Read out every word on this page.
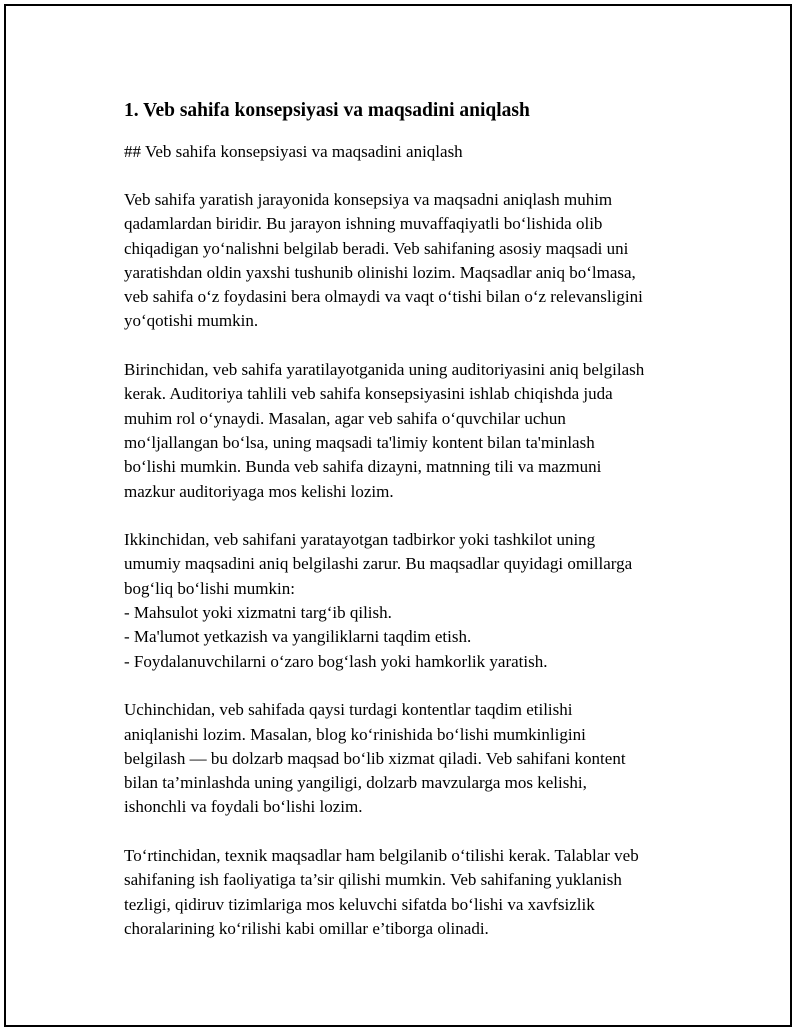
1. Veb sahifa konsepsiyasi va maqsadini aniqlash
## Veb sahifa konsepsiyasi va maqsadini aniqlash
Veb sahifa yaratish jarayonida konsepsiya va maqsadni aniqlash muhim
qadamlardan biridir. Bu jarayon ishning muvaffaqiyatli bo‘lishida olib
chiqadigan yo‘nalishni belgilab beradi. Veb sahifaning asosiy maqsadi uni
yaratishdan oldin yaxshi tushunib olinishi lozim. Maqsadlar aniq bo‘lmasa,
veb sahifa o‘z foydasini bera olmaydi va vaqt o‘tishi bilan o‘z relevansligini
yo‘qotishi mumkin.
Birinchidan, veb sahifa yaratilayotganida uning auditoriyasini aniq belgilash
kerak. Auditoriya tahlili veb sahifa konsepsiyasini ishlab chiqishda juda
muhim rol o‘ynaydi. Masalan, agar veb sahifa o‘quvchilar uchun
mo‘ljallangan bo‘lsa, uning maqsadi ta'limiy kontent bilan ta'minlash
bo‘lishi mumkin. Bunda veb sahifa dizayni, matnning tili va mazmuni
mazkur auditoriyaga mos kelishi lozim.
Ikkinchidan, veb sahifani yaratayotgan tadbirkor yoki tashkilot uning
umumiy maqsadini aniq belgilashi zarur. Bu maqsadlar quyidagi omillarga
bog‘liq bo‘lishi mumkin:
- Mahsulot yoki xizmatni targ‘ib qilish.
- Ma'lumot yetkazish va yangiliklarni taqdim etish.
- Foydalanuvchilarni o‘zaro bog‘lash yoki hamkorlik yaratish.
Uchinchidan, veb sahifada qaysi turdagi kontentlar taqdim etilishi
aniqlanishi lozim. Masalan, blog ko‘rinishida bo‘lishi mumkinligini
belgilash — bu dolzarb maqsad bo‘lib xizmat qiladi. Veb sahifani kontent
bilan ta’minlashda uning yangiligi, dolzarb mavzularga mos kelishi,
ishonchli va foydali bo‘lishi lozim.
To‘rtinchidan, texnik maqsadlar ham belgilanib o‘tilishi kerak. Talablar veb
sahifaning ish faoliyatiga ta’sir qilishi mumkin. Veb sahifaning yuklanish
tezligi, qidiruv tizimlariga mos keluvchi sifatda bo‘lishi va xavfsizlik
choralarining ko‘rilishi kabi omillar e’tiborga olinadi.
